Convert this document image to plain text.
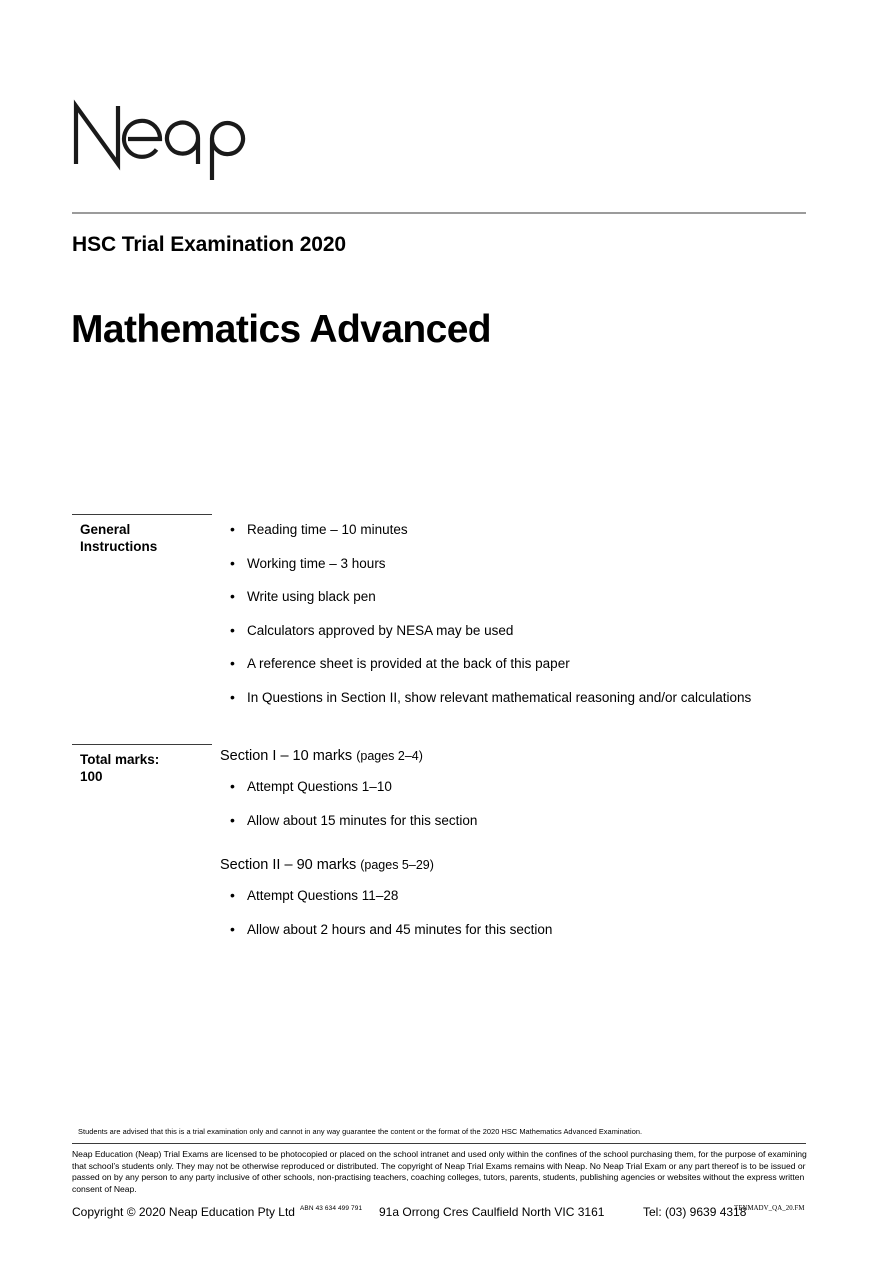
HSC Trial Examination 2020
Mathematics Advanced
General
Instructions
• Reading time – 10 minutes
• Working time – 3 hours
• Write using black pen
• Calculators approved by NESA may be used
• A reference sheet is provided at the back of this paper
• In Questions in Section II, show relevant mathematical reasoning and/or calculations
Total marks:
100
Section I – 10 marks (pages 2–4)
• Attempt Questions 1–10
• Allow about 15 minutes for this section
Section II – 90 marks (pages 5–29)
• Attempt Questions 11–28
• Allow about 2 hours and 45 minutes for this section
Students are advised that this is a trial examination only and cannot in any way guarantee the content or the format of the 2020 HSC Mathematics Advanced Examination.
Neap Education (Neap) Trial Exams are licensed to be photocopied or placed on the school intranet and used only within the confines of the school purchasing them, for the purpose of examining that school’s students only. They may not be otherwise reproduced or distributed. The copyright of Neap Trial Exams remains with Neap. No Neap Trial Exam or any part thereof is to be issued or passed on by any person to any party inclusive of other schools, non-practising teachers, coaching colleges, tutors, parents, students, publishing agencies or websites without the express written consent of Neap.
Copyright © 2020 Neap Education Pty Ltd ABN 43 634 499 791 91a Orrong Cres Caulfield North VIC 3161	Tel: (03) 9639 4318
TENMADV_QA_20.FM
